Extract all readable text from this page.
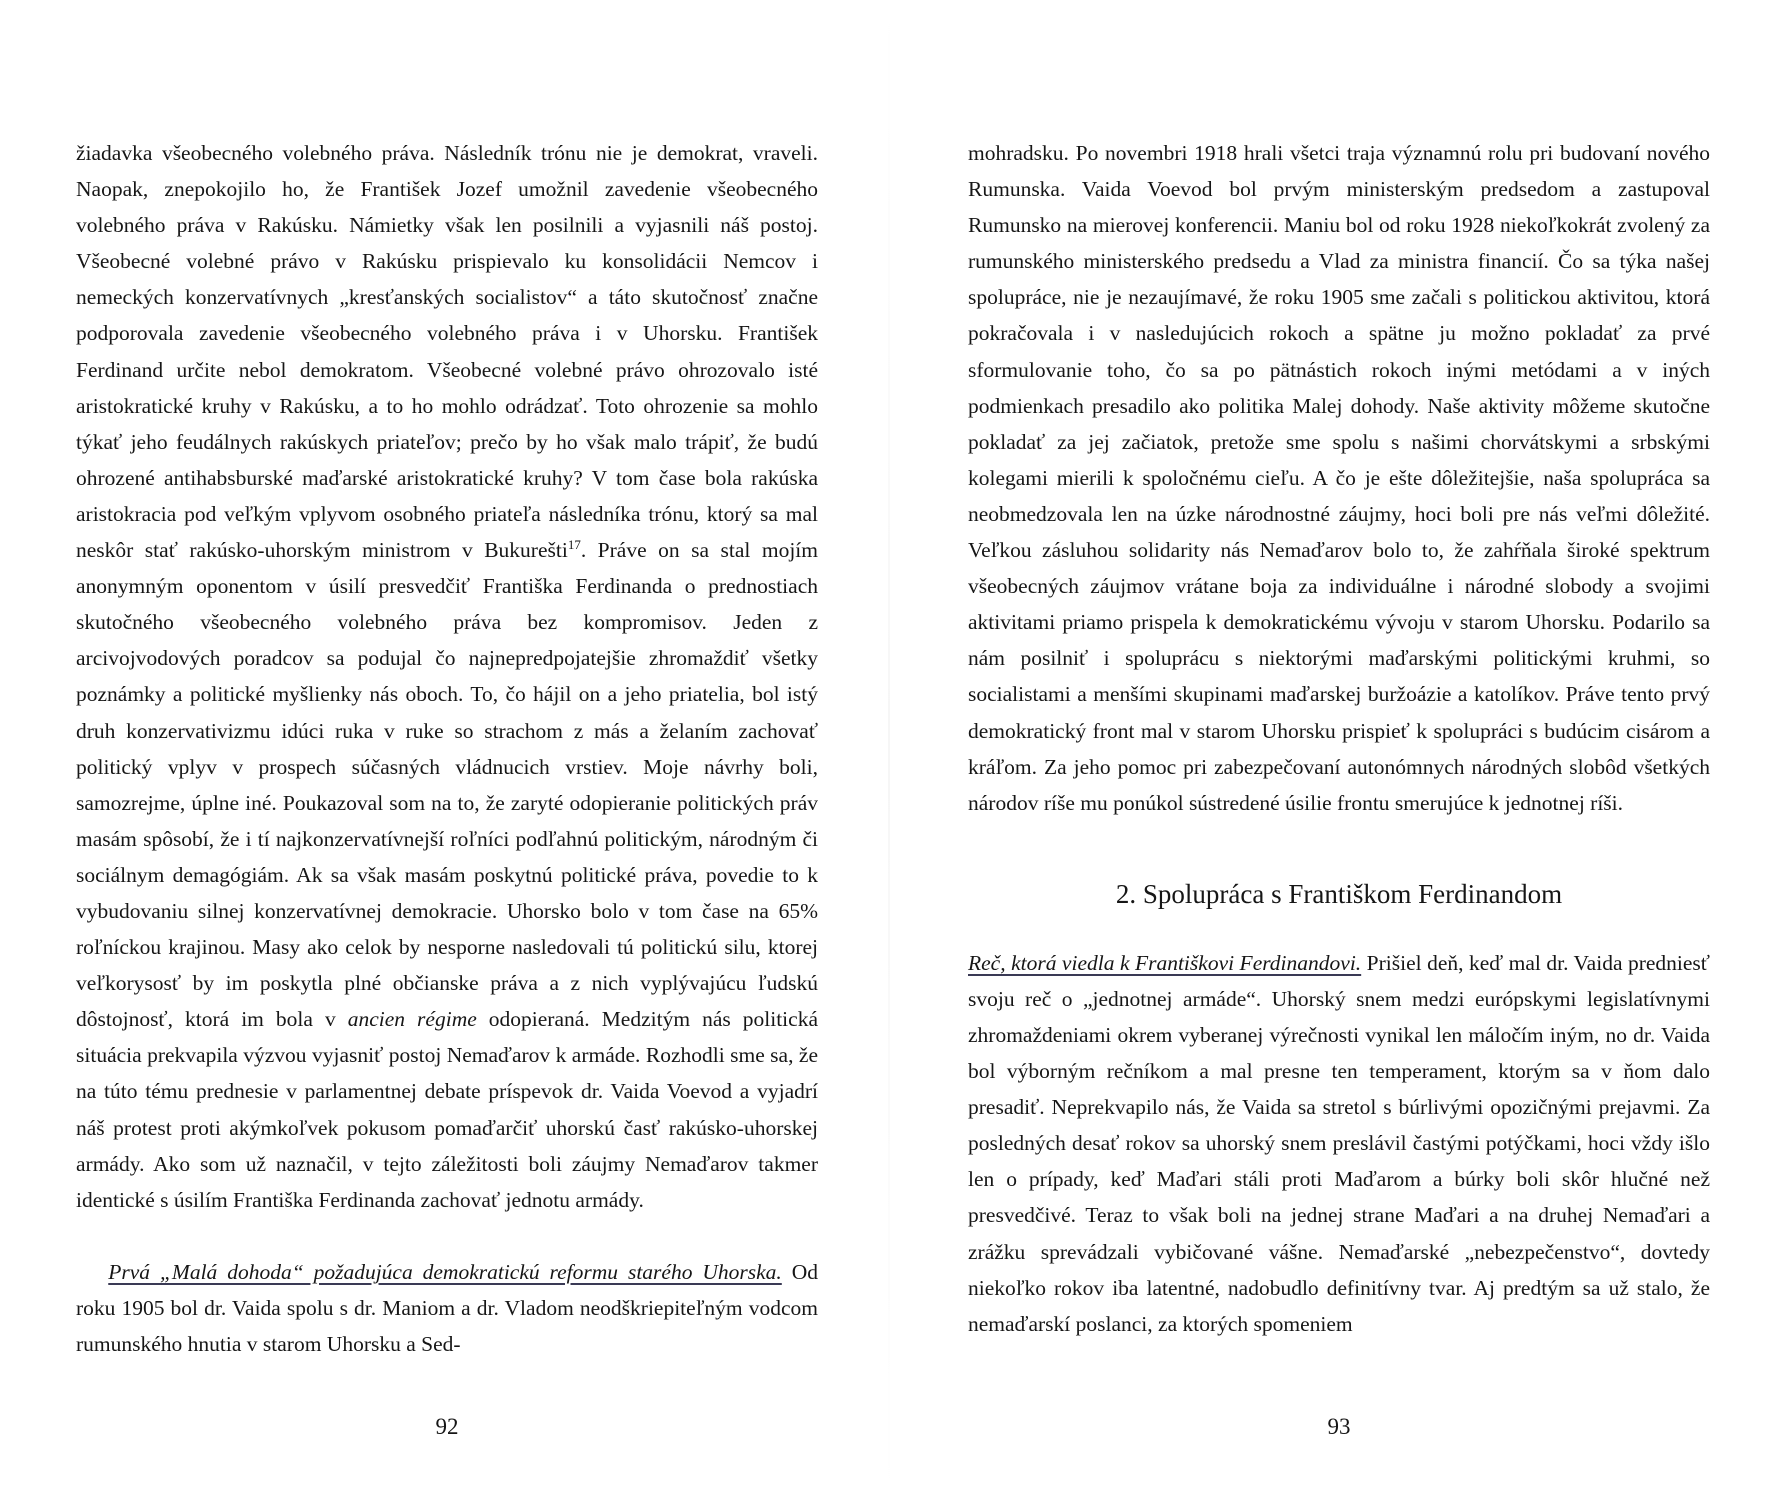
žiadavka všeobecného volebného práva. Následník trónu nie je demokrat, vraveli. Naopak, znepokojilo ho, že František Jozef umožnil zavedenie všeobecného volebného práva v Rakúsku. Námietky však len posilnili a vyjasnili náš postoj. Všeobecné volebné právo v Rakúsku prispievalo ku konsolidácii Nemcov i nemeckých konzervatívnych „kresťanských socialistov“ a táto skutočnosť značne podporovala zavedenie všeobecného volebného práva i v Uhorsku. František Ferdinand určite nebol demokratom. Všeobecné volebné právo ohrozovalo isté aristokratické kruhy v Rakúsku, a to ho mohlo odrádzať. Toto ohrozenie sa mohlo týkať jeho feudálnych rakúskych priateľov; prečo by ho však malo trápiť, že budú ohrozené antihabsburské maďarské aristokratické kruhy? V tom čase bola rakúska aristokracia pod veľkým vplyvom osobného priateľa následníka trónu, ktorý sa mal neskôr stať rakúsko-uhorským ministrom v Bukurešti$^{17}$. Práve on sa stal mojím anonymným oponentom v úsilí presvedčiť Františka Ferdinanda o prednostiach skutočného všeobecného volebného práva bez kompromisov. Jeden z arcivojvodových poradcov sa podujal čo najnepredpojatejšie zhromaždiť všetky poznámky a politické myšlienky nás oboch. To, čo hájil on a jeho priatelia, bol istý druh konzervativizmu idúci ruka v ruke so strachom z más a želaním zachovať politický vplyv v prospech súčasných vládnucich vrstiev. Moje návrhy boli, samozrejme, úplne iné. Poukazoval som na to, že zaryté odopieranie politických práv masám spôsobí, že i tí najkonzervatívnejší roľníci podľahnú politickým, národným či sociálnym demagógiám. Ak sa však masám poskytnú politické práva, povedie to k vybudovaniu silnej konzervatívnej demokracie. Uhorsko bolo v tom čase na 65% roľníckou krajinou. Masy ako celok by nesporne nasledovali tú politickú silu, ktorej veľkorysosť by im poskytla plné občianske práva a z nich vyplývajúcu ľudskú dôstojnosť, ktorá im bola v ancien régime odopieraná. Medzitým nás politická situácia prekvapila výzvou vyjasniť postoj Nemaďarov k armáde. Rozhodli sme sa, že na túto tému prednesie v parlamentnej debate príspevok dr. Vaida Voevod a vyjadrí náš protest proti akýmkoľvek pokusom pomaďarčiť uhorskú časť rakúsko-uhorskej armády. Ako som už naznačil, v tejto záležitosti boli záujmy Nemaďarov takmer identické s úsilím Františka Ferdinanda zachovať jednotu armády.

  Prvá „Malá dohoda“ požadujúca demokratickú reformu starého Uhorska. Od roku 1905 bol dr. Vaida spolu s dr. Maniom a dr. Vladom neodškriepiteľným vodcom rumunského hnutia v starom Uhorsku a Sed-

92

mohradsku. Po novembri 1918 hrali všetci traja významnú rolu pri budovaní nového Rumunska. Vaida Voevod bol prvým ministerským predsedom a zastupoval Rumunsko na mierovej konferencii. Maniu bol od roku 1928 niekoľkokrát zvolený za rumunského ministerského predsedu a Vlad za ministra financií. Čo sa týka našej spolupráce, nie je nezaujímavé, že roku 1905 sme začali s politickou aktivitou, ktorá pokračovala i v nasledujúcich rokoch a spätne ju možno pokladať za prvé sformulovanie toho, čo sa po pätnástich rokoch inými metódami a v iných podmienkach presadilo ako politika Malej dohody. Naše aktivity môžeme skutočne pokladať za jej začiatok, pretože sme spolu s našimi chorvátskymi a srbskými kolegami mierili k spoločnému cieľu. A čo je ešte dôležitejšie, naša spolupráca sa neobmedzovala len na úzke národnostné záujmy, hoci boli pre nás veľmi dôležité. Veľkou zásluhou solidarity nás Nemaďarov bolo to, že zahŕňala široké spektrum všeobecných záujmov vrátane boja za individuálne i národné slobody a svojimi aktivitami priamo prispela k demokratickému vývoju v starom Uhorsku. Podarilo sa nám posilniť i spoluprácu s niektorými maďarskými politickými kruhmi, so socialistami a menšími skupinami maďarskej buržoázie a katolíkov. Práve tento prvý demokratický front mal v starom Uhorsku prispieť k spolupráci s budúcim cisárom a kráľom. Za jeho pomoc pri zabezpečovaní autonómnych národných slobôd všetkých národov ríše mu ponúkol sústredené úsilie frontu smerujúce k jednotnej ríši.

2. Spolupráca s Františkom Ferdinandom

Reč, ktorá viedla k Františkovi Ferdinandovi. Prišiel deň, keď mal dr. Vaida predniesť svoju reč o „jednotnej armáde“. Uhorský snem medzi európskymi legislatívnymi zhromaždeniami okrem vyberanej výrečnosti vynikal len máločím iným, no dr. Vaida bol výborným rečníkom a mal presne ten temperament, ktorým sa v ňom dalo presadiť. Neprekvapilo nás, že Vaida sa stretol s búrlivými opozičnými prejavmi. Za posledných desať rokov sa uhorský snem preslávil častými potýčkami, hoci vždy išlo len o prípady, keď Maďari stáli proti Maďarom a búrky boli skôr hlučné než presvedčivé. Teraz to však boli na jednej strane Maďari a na druhej Nemaďari a zrážku sprevádzali vybičované vášne. Nemaďarské „nebezpečenstvo“, dovtedy niekoľko rokov iba latentné, nadobudlo definitívny tvar. Aj predtým sa už stalo, že nemaďarskí poslanci, za ktorých spomeniem

93
